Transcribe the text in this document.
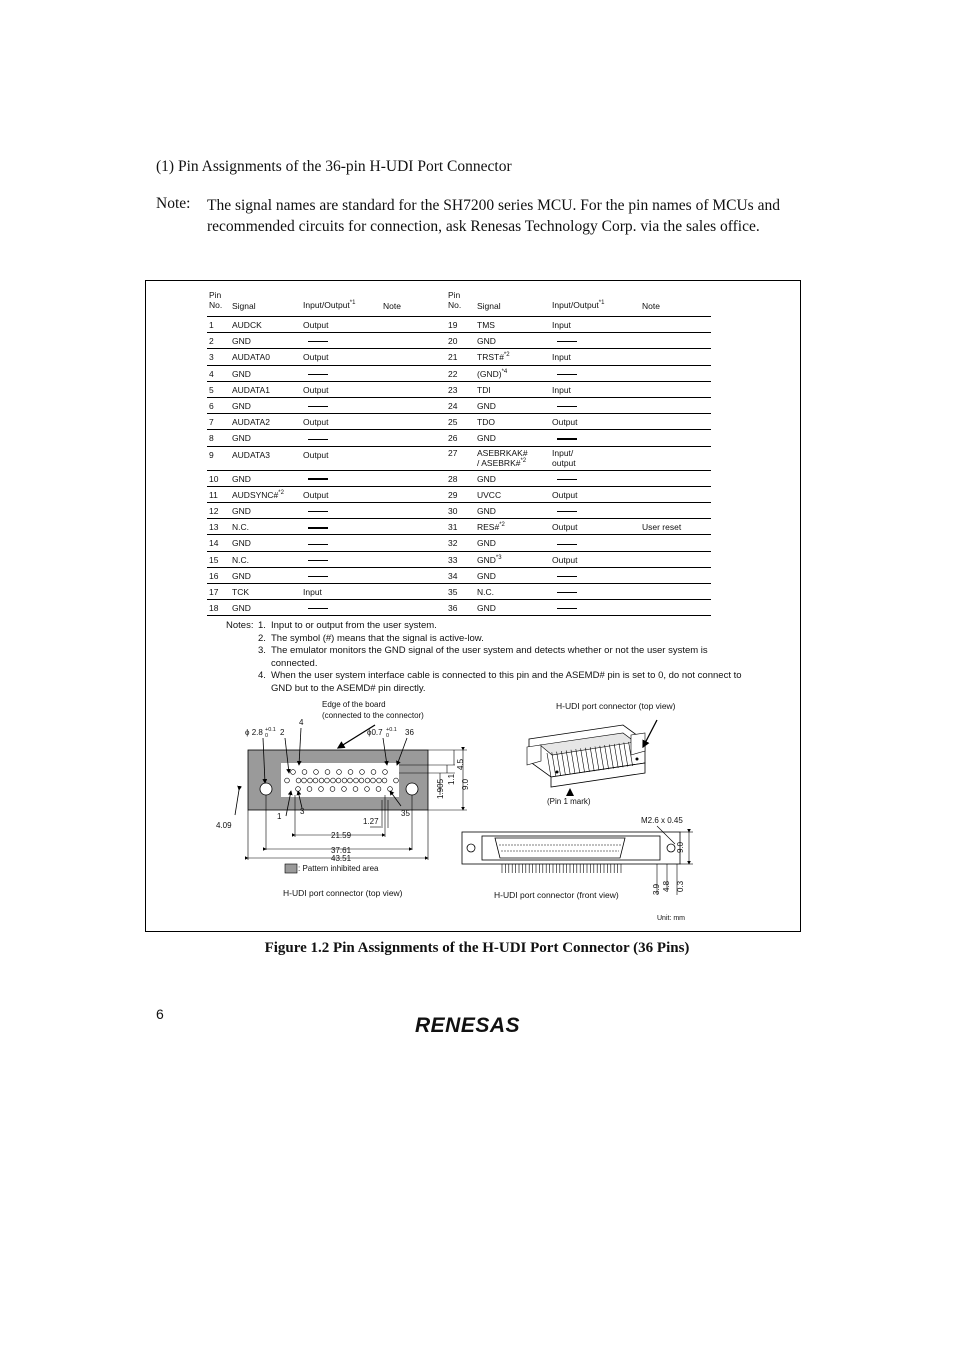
(1) Pin Assignments of the 36-pin H-UDI Port Connector
Note: The signal names are standard for the SH7200 series MCU. For the pin names of MCUs and recommended circuits for connection, ask Renesas Technology Corp. via the sales office.
Pin
No. Signal	Input/Output$^{*1}$	Note
1 AUDCK	Output
2 GND
3 AUDATA0	Output
4 GND
5 AUDATA1	Output
6 GND
7 AUDATA2	Output
8 GND
9 AUDATA3	Output
10 GND
11 AUDSYNC#$^{*2}$ Output
12 GND
13 N.C.
14 GND
15 N.C.
16 GND
17 TCK	Input
18 GND
Pin
No. Signal	Input/Output$^{*1}$	Note
19 TMS	Input
20 GND
21 TRST#$^{*2}$	Input
22 (GND)$^{*4}$
23 TDI	Input
24 GND
25 TDO	Output
26 GND
27 ASEBRKAK#
/ ASEBRK#$^{*2}$
Input/
output
28 GND
29 UVCC	Output
30 GND
31 RES#$^{*2}$	Output	User reset
32 GND
33 GND$^{*3}$	Output
34 GND
35 N.C.
36 GND
Notes: 1. Input to or output from the user system.
2. The symbol (#) means that the signal is active-low.
3. The emulator monitors the GND signal of the user system and detects whether or not the user system is connected.
4. When the user system interface cable is connected to this pin and the ASEMD# pin is set to 0, do not connect to GND but to the ASEMD# pin directly.
Edge of the board
(connected to the connector)
ϕ 2.8 +0.1
0 2
4
ϕ0.7 +0.1
0 36
1
3	35
4.09	1.27
21.59
37.61
43.51
4.5
1.1
1.905 9.0
: Pattern inhibited area
H-UDI port connector (top view)
(Pin 1 mark)
H-UDI port connector (top view)
M2.6 x 0.45
9.0
3.9 4.8 0.3
H-UDI port connector (front view)
Unit: mm
Figure 1.2 Pin Assignments of the H-UDI Port Connector (36 Pins)
6	RENESAS
